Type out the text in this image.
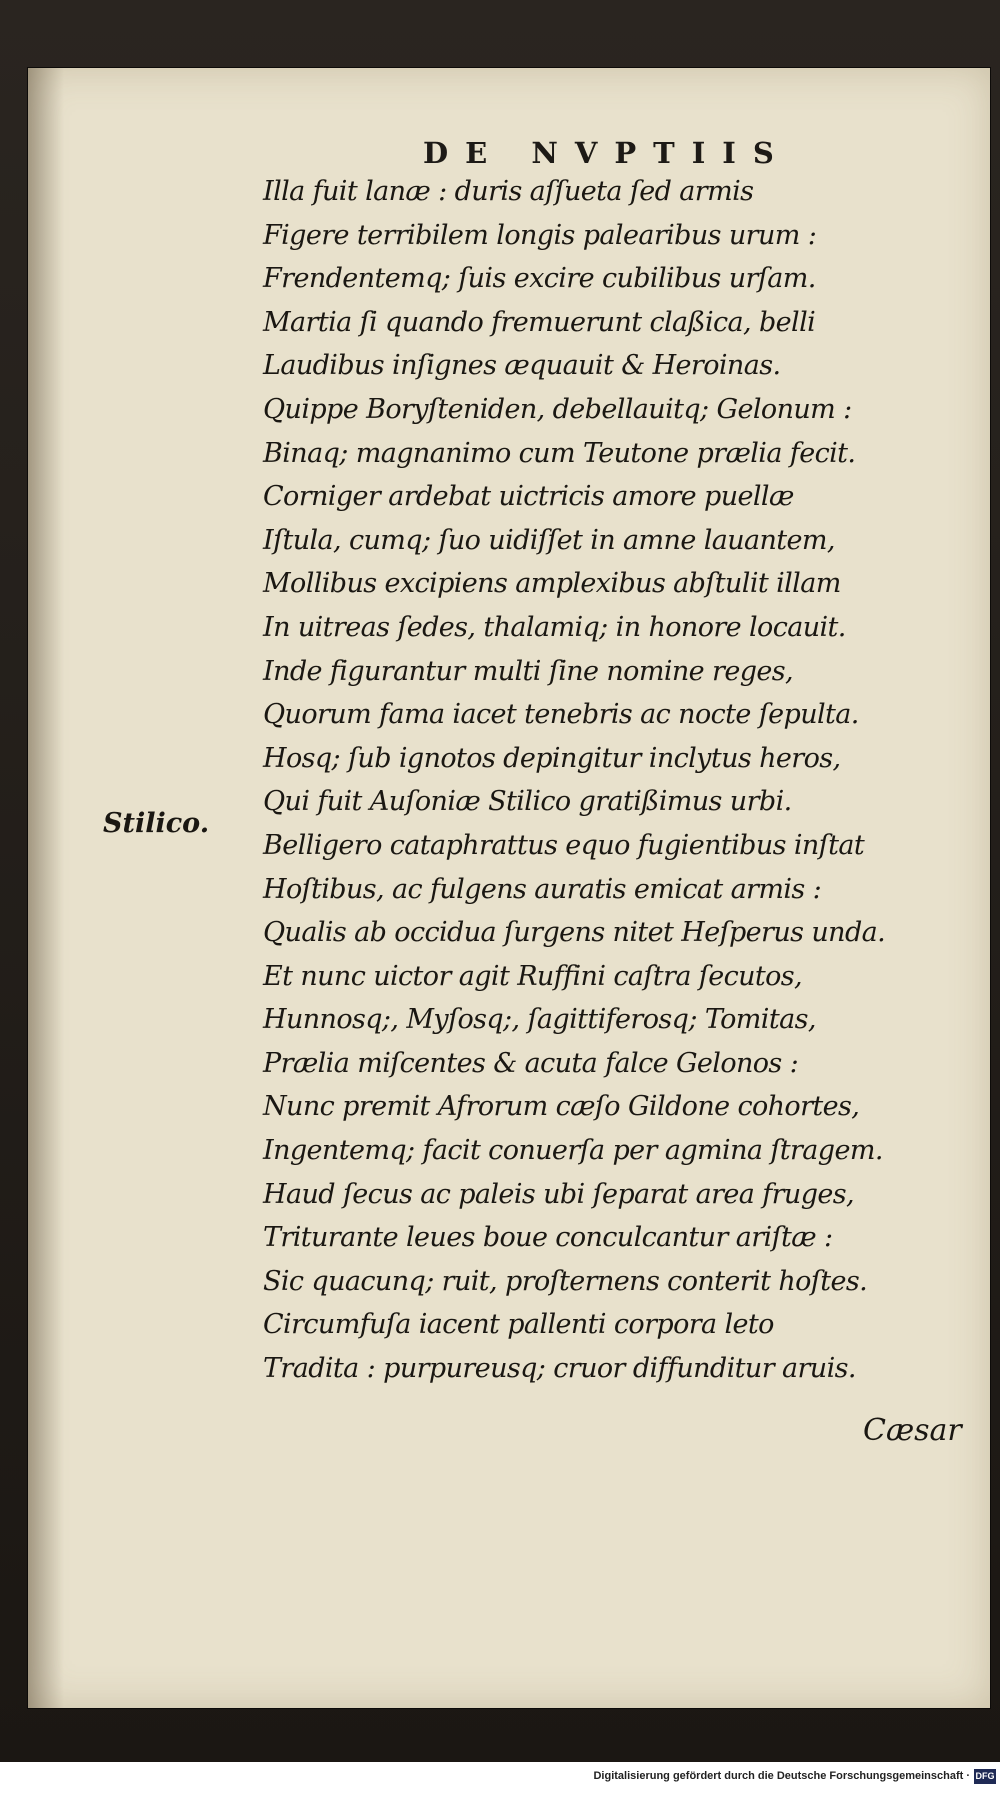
DE NVPTIIS
Illa fuit lanæ : duris aſſueta ſed armis
Figere terribilem longis palearibus urum :
Frendentemq; ſuis excire cubilibus urſam.
Martia ſi quando fremuerunt claßica, belli
Laudibus inſignes æquauit & Heroinas.
Quippe Boryſteniden, debellauitq; Gelonum :
Binaq; magnanimo cum Teutone prælia fecit.
Corniger ardebat uictricis amore puellæ
Iſtula, cumq; ſuo uidiſſet in amne lauantem,
Mollibus excipiens amplexibus abſtulit illam
In uitreas ſedes, thalamiq; in honore locauit.
Inde figurantur multi ſine nomine reges,
Quorum fama iacet tenebris ac nocte ſepulta.
Hosq; ſub ignotos depingitur inclytus heros,
Qui fuit Auſoniæ Stilico gratißimus urbi.
Belligero cataphrattus equo fugientibus inſtat
Hoſtibus, ac fulgens auratis emicat armis :
Qualis ab occidua ſurgens nitet Heſperus unda.
Et nunc uictor agit Ruffini caſtra ſecutos,
Hunnosq;, Myſosq;, ſagittiferosq; Tomitas,
Prælia miſcentes & acuta falce Gelonos :
Nunc premit Afrorum cæſo Gildone cohortes,
Ingentemq; facit conuerſa per agmina ſtragem.
Haud ſecus ac paleis ubi ſeparat area fruges,
Triturante leues boue conculcantur ariſtæ :
Sic quacunq; ruit, proſternens conterit hoſtes.
Circumfuſa iacent pallenti corpora leto
Tradita : purpureusq; cruor diffunditur aruis.
Stilico.
Cæsar
Digitalisierung gefördert durch die Deutsche Forschungsgemeinschaft · DFG
